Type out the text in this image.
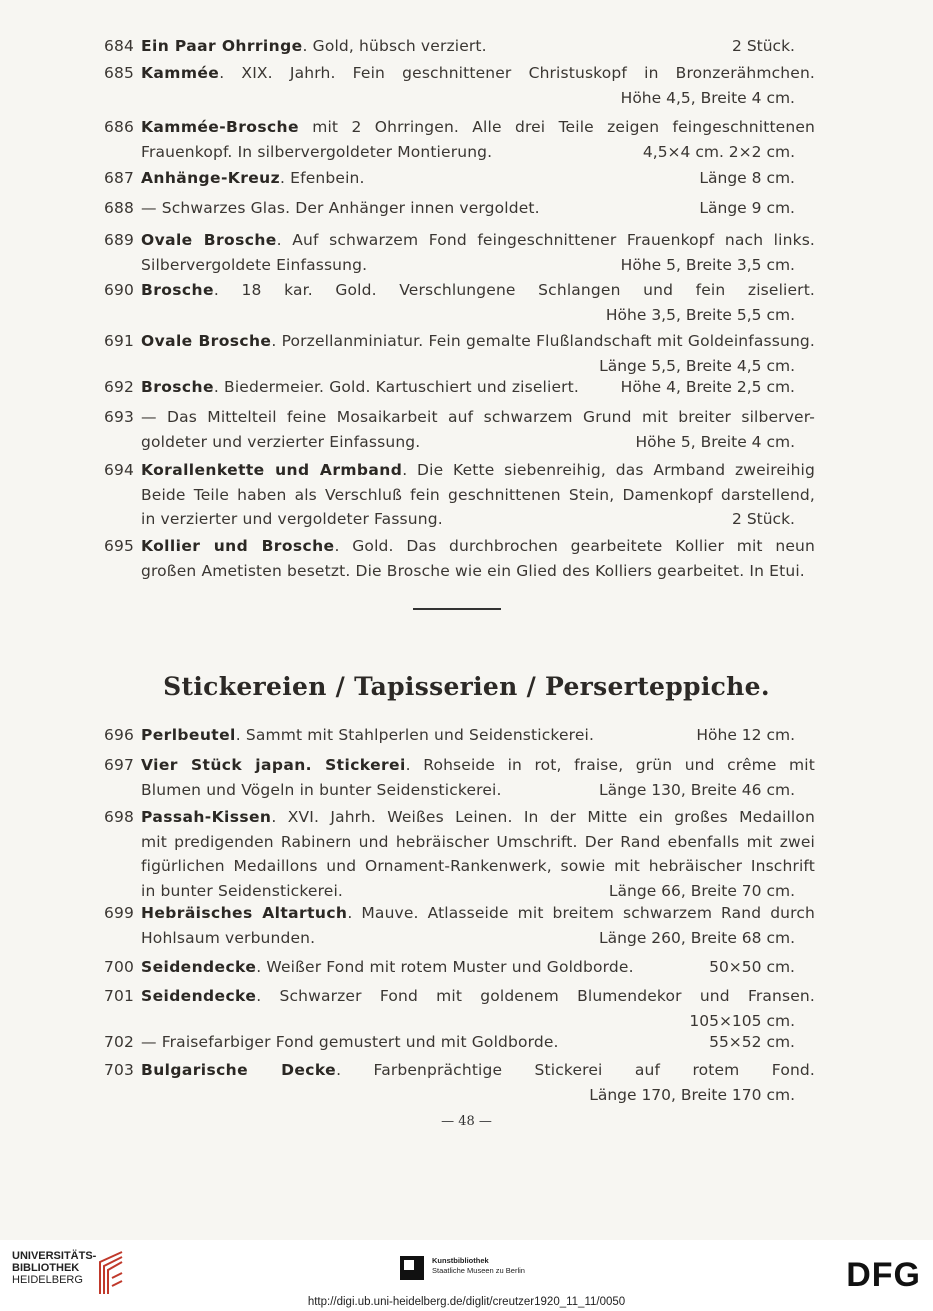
684 Ein Paar Ohrringe. Gold, hübsch verziert.	2 Stück.
685 Kammée. XIX. Jahrh. Fein geschnittener Christuskopf in Bronzerähmchen.
Höhe 4,5, Breite 4 cm.
686 Kammée-Brosche mit 2 Ohrringen. Alle drei Teile zeigen feingeschnittenen
Frauenkopf. In silbervergoldeter Montierung.	4,5×4 cm. 2×2 cm.
687 Anhänge-Kreuz. Efenbein.	Länge 8 cm.
688 — Schwarzes Glas. Der Anhänger innen vergoldet.	Länge 9 cm.
689 Ovale Brosche. Auf schwarzem Fond feingeschnittener Frauenkopf nach links.
Silbervergoldete Einfassung.	Höhe 5, Breite 3,5 cm.
690 Brosche. 18 kar. Gold. Verschlungene Schlangen und fein ziseliert.
Höhe 3,5, Breite 5,5 cm.
691 Ovale Brosche. Porzellanminiatur. Fein gemalte Flußlandschaft mit Goldeinfassung.
Länge 5,5, Breite 4,5 cm.
692 Brosche. Biedermeier. Gold. Kartuschiert und ziseliert.	Höhe 4, Breite 2,5 cm.
693 — Das Mittelteil feine Mosaikarbeit auf schwarzem Grund mit breiter silberver-
goldeter und verzierter Einfassung.	Höhe 5, Breite 4 cm.
694 Korallenkette und Armband. Die Kette siebenreihig, das Armband zweireihig
Beide Teile haben als Verschluß fein geschnittenen Stein, Damenkopf darstellend,
in verzierter und vergoldeter Fassung.	2 Stück.
695 Kollier und Brosche. Gold. Das durchbrochen gearbeitete Kollier mit neun
großen Ametisten besetzt. Die Brosche wie ein Glied des Kolliers gearbeitet. In Etui.
696 Perlbeutel. Sammt mit Stahlperlen und Seidenstickerei.	Höhe 12 cm.
697 Vier Stück japan. Stickerei. Rohseide in rot, fraise, grün und crême mit
Blumen und Vögeln in bunter Seidenstickerei.	Länge 130, Breite 46 cm.
698 Passah-Kissen. XVI. Jahrh. Weißes Leinen. In der Mitte ein großes Medaillon
mit predigenden Rabinern und hebräischer Umschrift. Der Rand ebenfalls mit zwei
figürlichen Medaillons und Ornament-Rankenwerk, sowie mit hebräischer Inschrift
in bunter Seidenstickerei.	Länge 66, Breite 70 cm.
699 Hebräisches Altartuch. Mauve. Atlasseide mit breitem schwarzem Rand durch
Hohlsaum verbunden.	Länge 260, Breite 68 cm.
700 Seidendecke. Weißer Fond mit rotem Muster und Goldborde.	50×50 cm.
701 Seidendecke. Schwarzer Fond mit goldenem Blumendekor und Fransen.
105×105 cm.
702 — Fraisefarbiger Fond gemustert und mit Goldborde.	55×52 cm.
703 Bulgarische Decke. Farbenprächtige Stickerei auf rotem Fond.
Länge 170, Breite 170 cm.
Stickereien / Tapisserien / Perserteppiche.
— 48 —
UNIVERSITÄTS-
BIBLIOTHEK
HEIDELBERG
Kunstbibliothek
Staatliche Museen zu Berlin	DFG
http://digi.ub.uni-heidelberg.de/diglit/creutzer1920_11_11/0050
